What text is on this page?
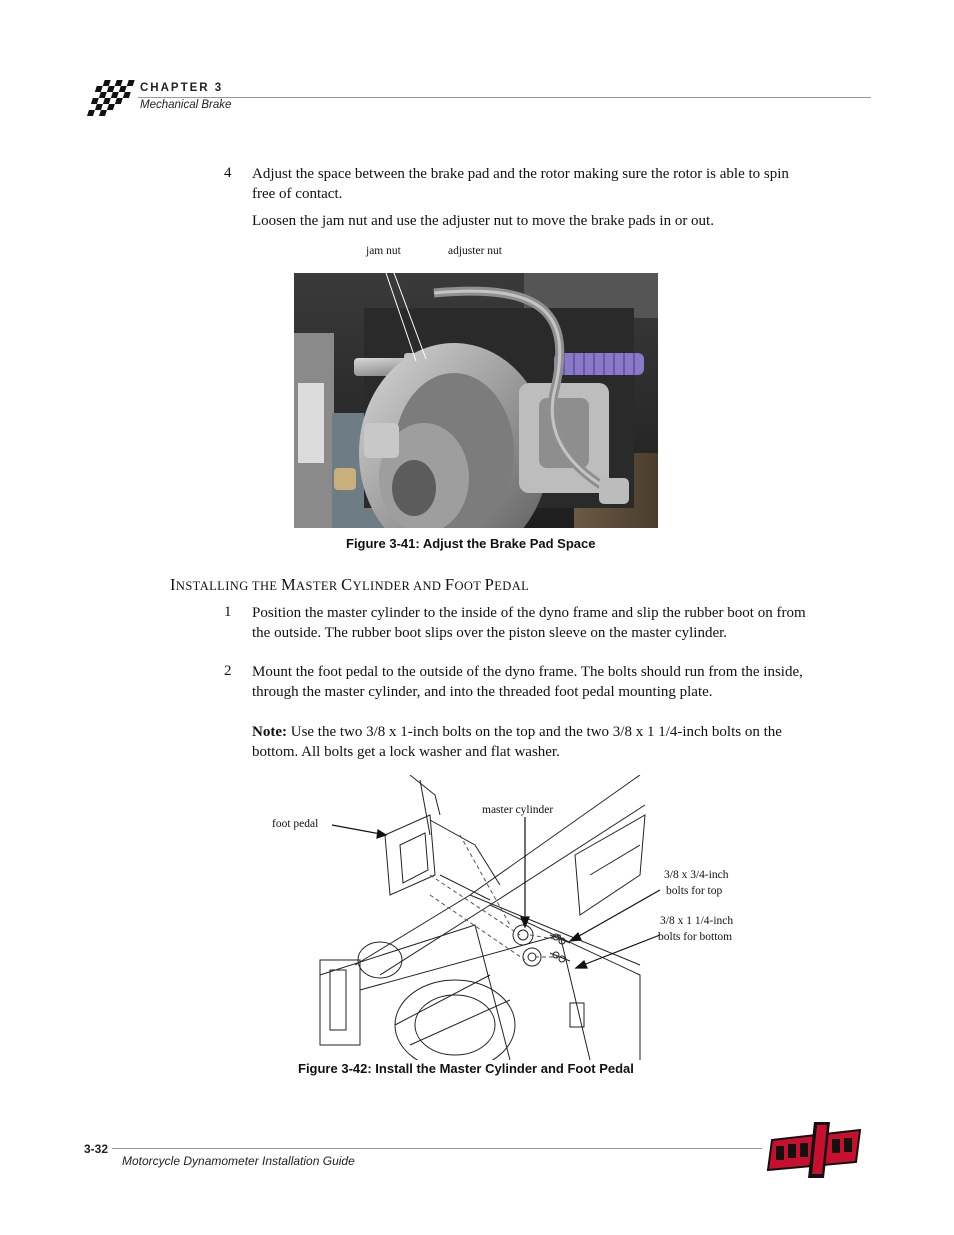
CHAPTER 3
Mechanical Brake
4 Adjust the space between the brake pad and the rotor making sure the rotor is able to spin free of contact.
Loosen the jam nut and use the adjuster nut to move the brake pads in or out.
jam nut	adjuster nut
Figure 3-41: Adjust the Brake Pad Space
INSTALLING THE MASTER CYLINDER AND FOOT PEDAL
1 Position the master cylinder to the inside of the dyno frame and slip the rubber boot on from the outside. The rubber boot slips over the piston sleeve on the master cylinder.
2 Mount the foot pedal to the outside of the dyno frame. The bolts should run from the inside, through the master cylinder, and into the threaded foot pedal mounting plate.
Note: Use the two 3/8 x 1-inch bolts on the top and the two 3/8 x 1 1/4-inch bolts on the bottom. All bolts get a lock washer and flat washer.
foot pedal
master cylinder
3/8 x 3/4-inch
bolts for top
3/8 x 1 1/4-inch
bolts for bottom
Figure 3-42: Install the Master Cylinder and Foot Pedal
3-32
Motorcycle Dynamometer Installation Guide
